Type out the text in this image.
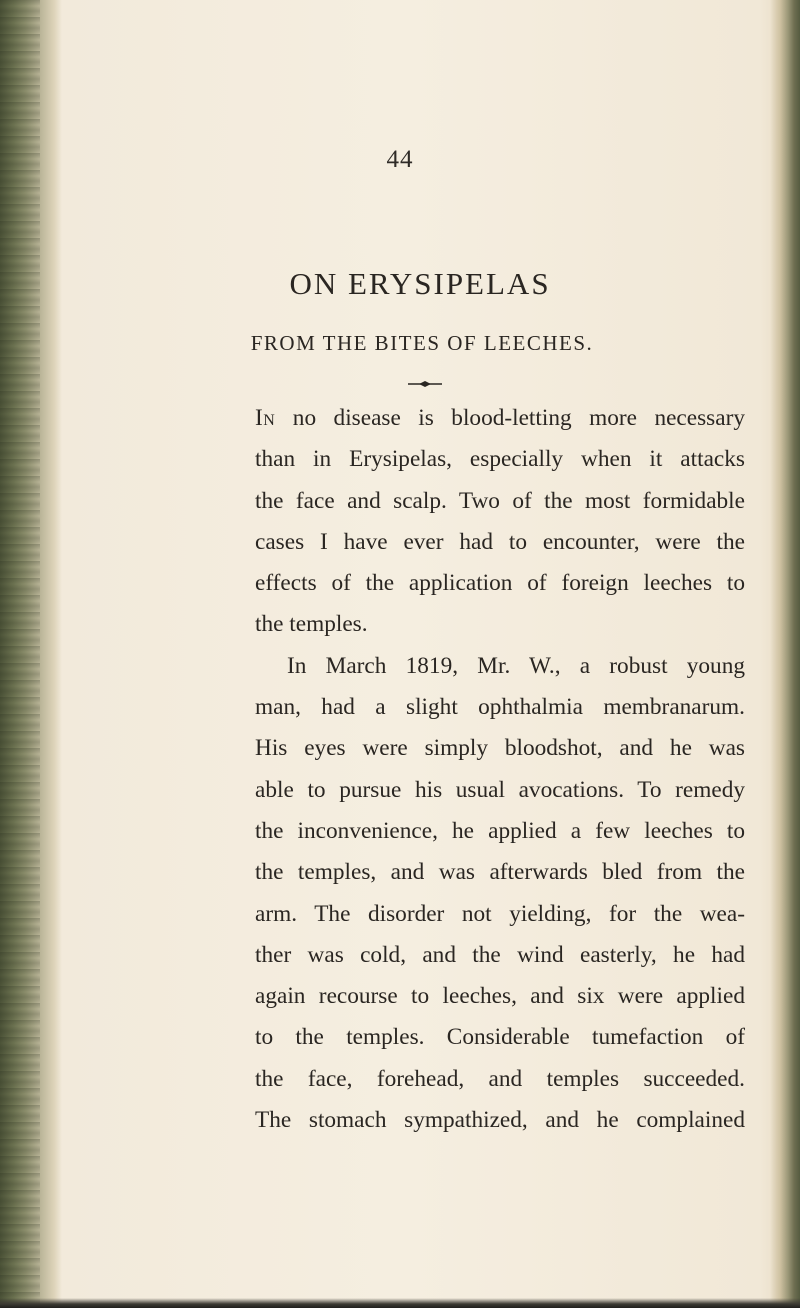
44
ON ERYSIPELAS
FROM THE BITES OF LEECHES.

In no disease is blood-letting more necessary
than in Erysipelas, especially when it attacks
the face and scalp. Two of the most formidable
cases I have ever had to encounter, were the
effects of the application of foreign leeches to
the temples.

In March 1819, Mr. W., a robust young
man, had a slight ophthalmia membranarum.
His eyes were simply bloodshot, and he was
able to pursue his usual avocations. To remedy
the inconvenience, he applied a few leeches to
the temples, and was afterwards bled from the
arm. The disorder not yielding, for the wea-
ther was cold, and the wind easterly, he had
again recourse to leeches, and six were applied
to the temples. Considerable tumefaction of
the face, forehead, and temples succeeded.
The stomach sympathized, and he complained
